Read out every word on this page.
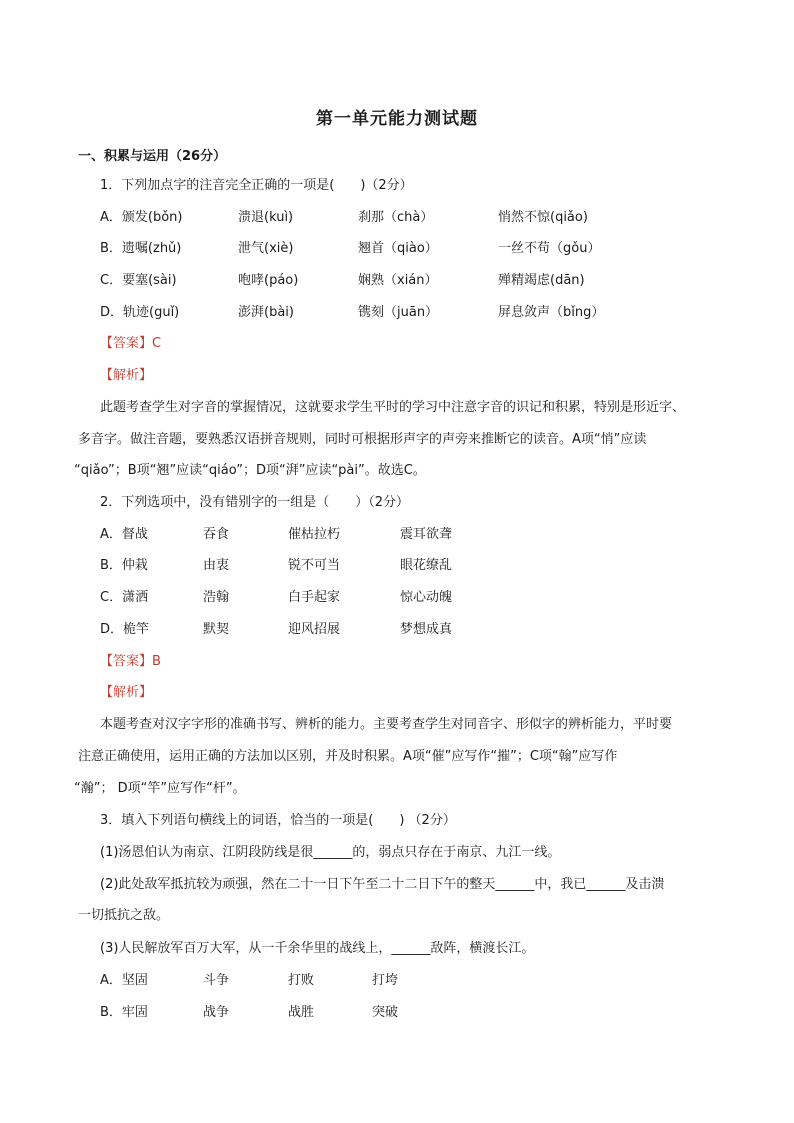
第一单元能力测试题
一、积累与运用（26分）
1．下列加点字的注音完全正确的一项是(　　)（2分）
A．颁发(bǒn)	溃退(kuì)	刹那（chà）	悄然不惊(qiǎo)
B．遗嘱(zhǔ)	泄气(xiè)	翘首（qiào）	一丝不苟（gǒu）
C．要塞(sài)	咆哮(páo)	娴熟（xián）	殚精竭虑(dān)
D．轨迹(guǐ)	澎湃(bài)	镌刻（juān）	屏息敛声（bǐng）
【答案】C
【解析】
此题考查学生对字音的掌握情况，这就要求学生平时的学习中注意字音的识记和积累，特别是形近字、
多音字。做注音题，要熟悉汉语拼音规则，同时可根据形声字的声旁来推断它的读音。A项“悄”应读
“qiǎo”；B项“翘”应读“qiáo”；D项“湃”应读“pài”。故选C。
2．下列选项中，没有错别字的一组是（　　）（2分）
A．督战	吞食	催枯拉朽	震耳欲聋
B．仲栽	由衷	锐不可当	眼花缭乱
C．潇洒	浩翰	白手起家	惊心动魄
D．桅竿	默契	迎风招展	梦想成真
【答案】B
【解析】
本题考查对汉字字形的准确书写、辨析的能力。主要考查学生对同音字、形似字的辨析能力，平时要
注意正确使用，运用正确的方法加以区别，并及时积累。A项“催”应写作“摧”；C项“翰”应写作
“瀚”； D项“竿”应写作“杆”。
3．填入下列语句横线上的词语，恰当的一项是(　　) （2分）
(1)汤恩伯认为南京、江阴段防线是很______的，弱点只存在于南京、九江一线。
(2)此处敌军抵抗较为顽强，然在二十一日下午至二十二日下午的整天______中，我已______及击溃
一切抵抗之敌。
(3)人民解放军百万大军，从一千余华里的战线上，______敌阵，横渡长江。
A．坚固	斗争	打败	打垮
B．牢固	战争	战胜	突破
